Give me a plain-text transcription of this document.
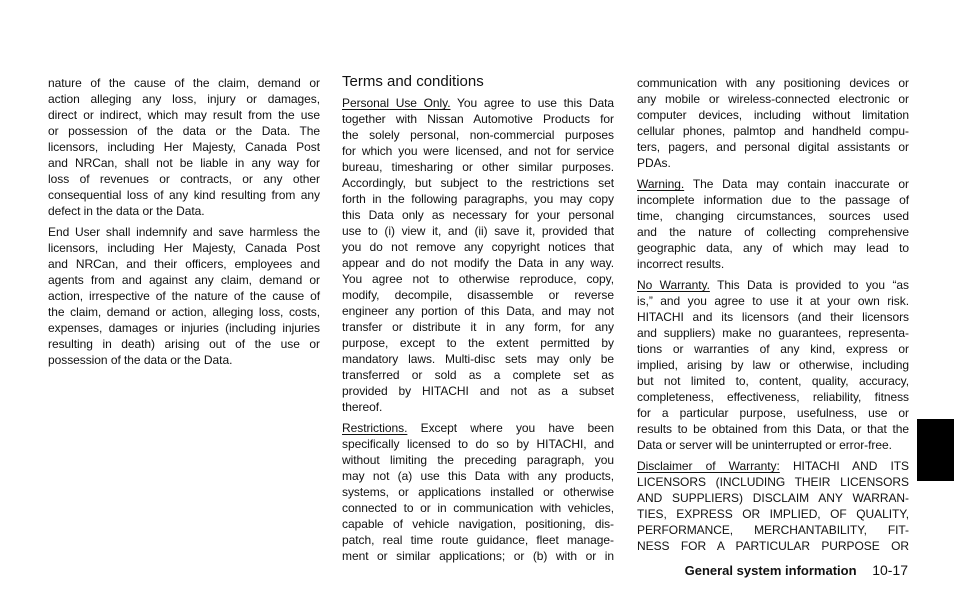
nature of the cause of the claim, demand or
action alleging any loss, injury or damages,
direct or indirect, which may result from the use
or possession of the data or the Data. The
licensors, including Her Majesty, Canada Post
and NRCan, shall not be liable in any way for
loss of revenues or contracts, or any other
consequential loss of any kind resulting from any
defect in the data or the Data.
End User shall indemnify and save harmless the
licensors, including Her Majesty, Canada Post
and NRCan, and their officers, employees and
agents from and against any claim, demand or
action, irrespective of the nature of the cause of
the claim, demand or action, alleging loss, costs,
expenses, damages or injuries (including injuries
resulting in death) arising out of the use or
possession of the data or the Data.
Terms and conditions
Personal Use Only. You agree to use this Data
together with Nissan Automotive Products for
the solely personal, non-commercial purposes
for which you were licensed, and not for service
bureau, timesharing or other similar purposes.
Accordingly, but subject to the restrictions set
forth in the following paragraphs, you may copy
this Data only as necessary for your personal
use to (i) view it, and (ii) save it, provided that
you do not remove any copyright notices that
appear and do not modify the Data in any way.
You agree not to otherwise reproduce, copy,
modify, decompile, disassemble or reverse
engineer any portion of this Data, and may not
transfer or distribute it in any form, for any
purpose, except to the extent permitted by
mandatory laws. Multi-disc sets may only be
transferred or sold as a complete set as
provided by HITACHI and not as a subset
thereof.
Restrictions. Except where you have been
specifically licensed to do so by HITACHI, and
without limiting the preceding paragraph, you
may not (a) use this Data with any products,
systems, or applications installed or otherwise
connected to or in communication with vehicles,
capable of vehicle navigation, positioning, dis-
patch, real time route guidance, fleet manage-
ment or similar applications; or (b) with or in
communication with any positioning devices or
any mobile or wireless-connected electronic or
computer devices, including without limitation
cellular phones, palmtop and handheld compu-
ters, pagers, and personal digital assistants or
PDAs.
Warning. The Data may contain inaccurate or
incomplete information due to the passage of
time, changing circumstances, sources used
and the nature of collecting comprehensive
geographic data, any of which may lead to
incorrect results.
No Warranty. This Data is provided to you “as
is,” and you agree to use it at your own risk.
HITACHI and its licensors (and their licensors
and suppliers) make no guarantees, representa-
tions or warranties of any kind, express or
implied, arising by law or otherwise, including
but not limited to, content, quality, accuracy,
completeness, effectiveness, reliability, fitness
for a particular purpose, usefulness, use or
results to be obtained from this Data, or that the
Data or server will be uninterrupted or error-free.
Disclaimer of Warranty: HITACHI AND ITS
LICENSORS (INCLUDING THEIR LICENSORS
AND SUPPLIERS) DISCLAIM ANY WARRAN-
TIES, EXPRESS OR IMPLIED, OF QUALITY,
PERFORMANCE, MERCHANTABILITY, FIT-
NESS FOR A PARTICULAR PURPOSE OR
General system information 10-17
